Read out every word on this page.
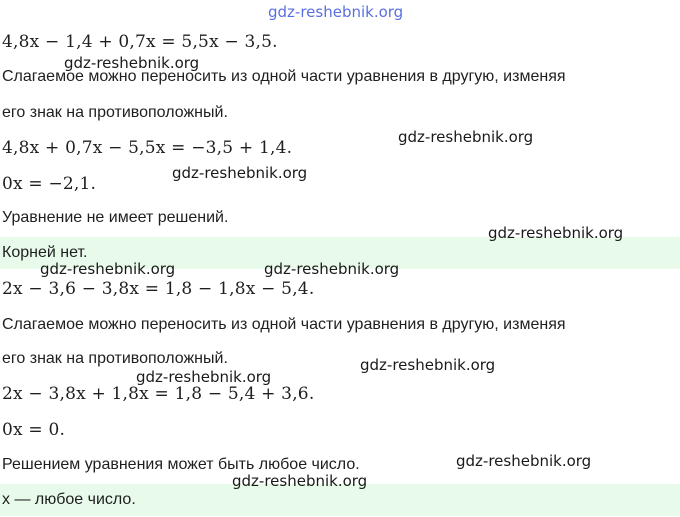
4,8x − 1,4 + 0,7x = 5,5x − 3,5.
Слагаемое можно переносить из одной части уравнения в другую, изменяя
его знак на противоположный.
4,8x + 0,7x − 5,5x = −3,5 + 1,4.
0x = −2,1.
Уравнение не имеет решений.
Корней нет.
2x − 3,6 − 3,8x = 1,8 − 1,8x − 5,4.
Слагаемое можно переносить из одной части уравнения в другую, изменяя
его знак на противоположный.
2x − 3,8x + 1,8x = 1,8 − 5,4 + 3,6.
0x = 0.
Решением уравнения может быть любое число.
x — любое число.
gdz-reshebnik.org
gdz-reshebnik.org
gdz-reshebnik.org
gdz-reshebnik.org
gdz-reshebnik.org
gdz-reshebnik.org	gdz-reshebnik.org
gdz-reshebnik.org
gdz-reshebnik.org
gdz-reshebnik.org
gdz-reshebnik.org
